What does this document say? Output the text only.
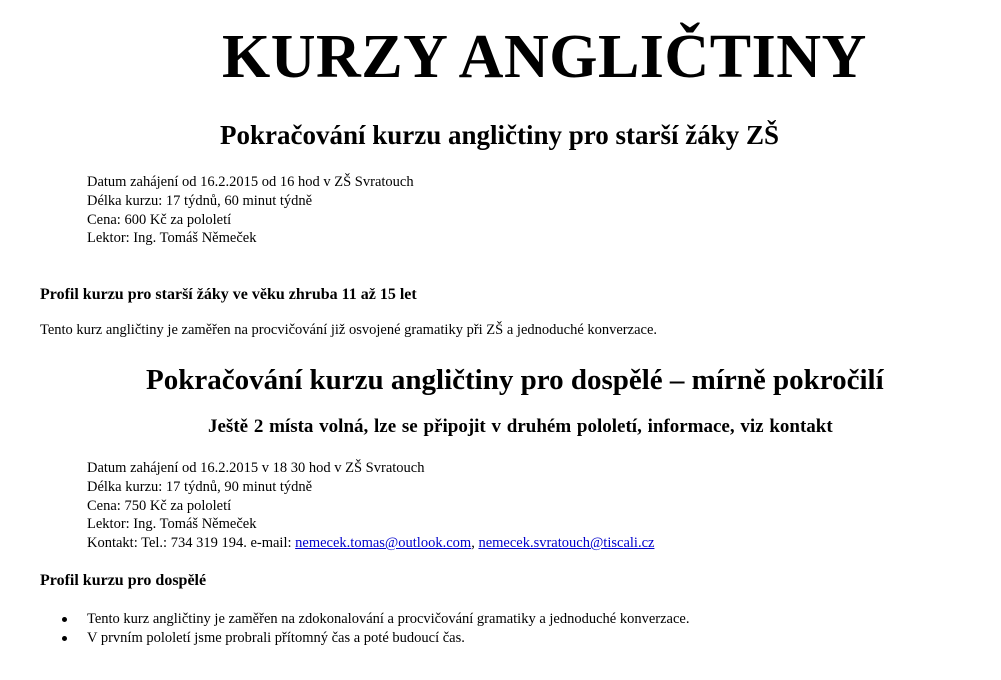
KURZY ANGLIČTINY
Pokračování kurzu angličtiny pro starší žáky ZŠ
Datum zahájení od 16.2.2015 od 16 hod v ZŠ Svratouch
Délka kurzu: 17 týdnů, 60 minut týdně
Cena: 600 Kč za pololetí
Lektor: Ing. Tomáš Němeček
Profil kurzu pro starší žáky ve věku zhruba 11 až 15 let
Tento kurz angličtiny je zaměřen na procvičování již osvojené gramatiky při ZŠ a jednoduché konverzace.
Pokračování kurzu angličtiny pro dospělé – mírně pokročilí
Ještě 2 místa volná, lze se připojit v druhém pololetí, informace, viz kontakt
Datum zahájení od 16.2.2015 v 18 30 hod v ZŠ Svratouch
Délka kurzu: 17 týdnů, 90 minut týdně
Cena: 750 Kč za pololetí
Lektor: Ing. Tomáš Němeček
Kontakt: Tel.: 734 319 194. e-mail: nemecek.tomas@outlook.com, nemecek.svratouch@tiscali.cz
Profil kurzu pro dospělé
Tento kurz angličtiny je zaměřen na zdokonalování a procvičování gramatiky a jednoduché konverzace.
V prvním pololetí jsme probrali přítomný čas a poté budoucí čas.
